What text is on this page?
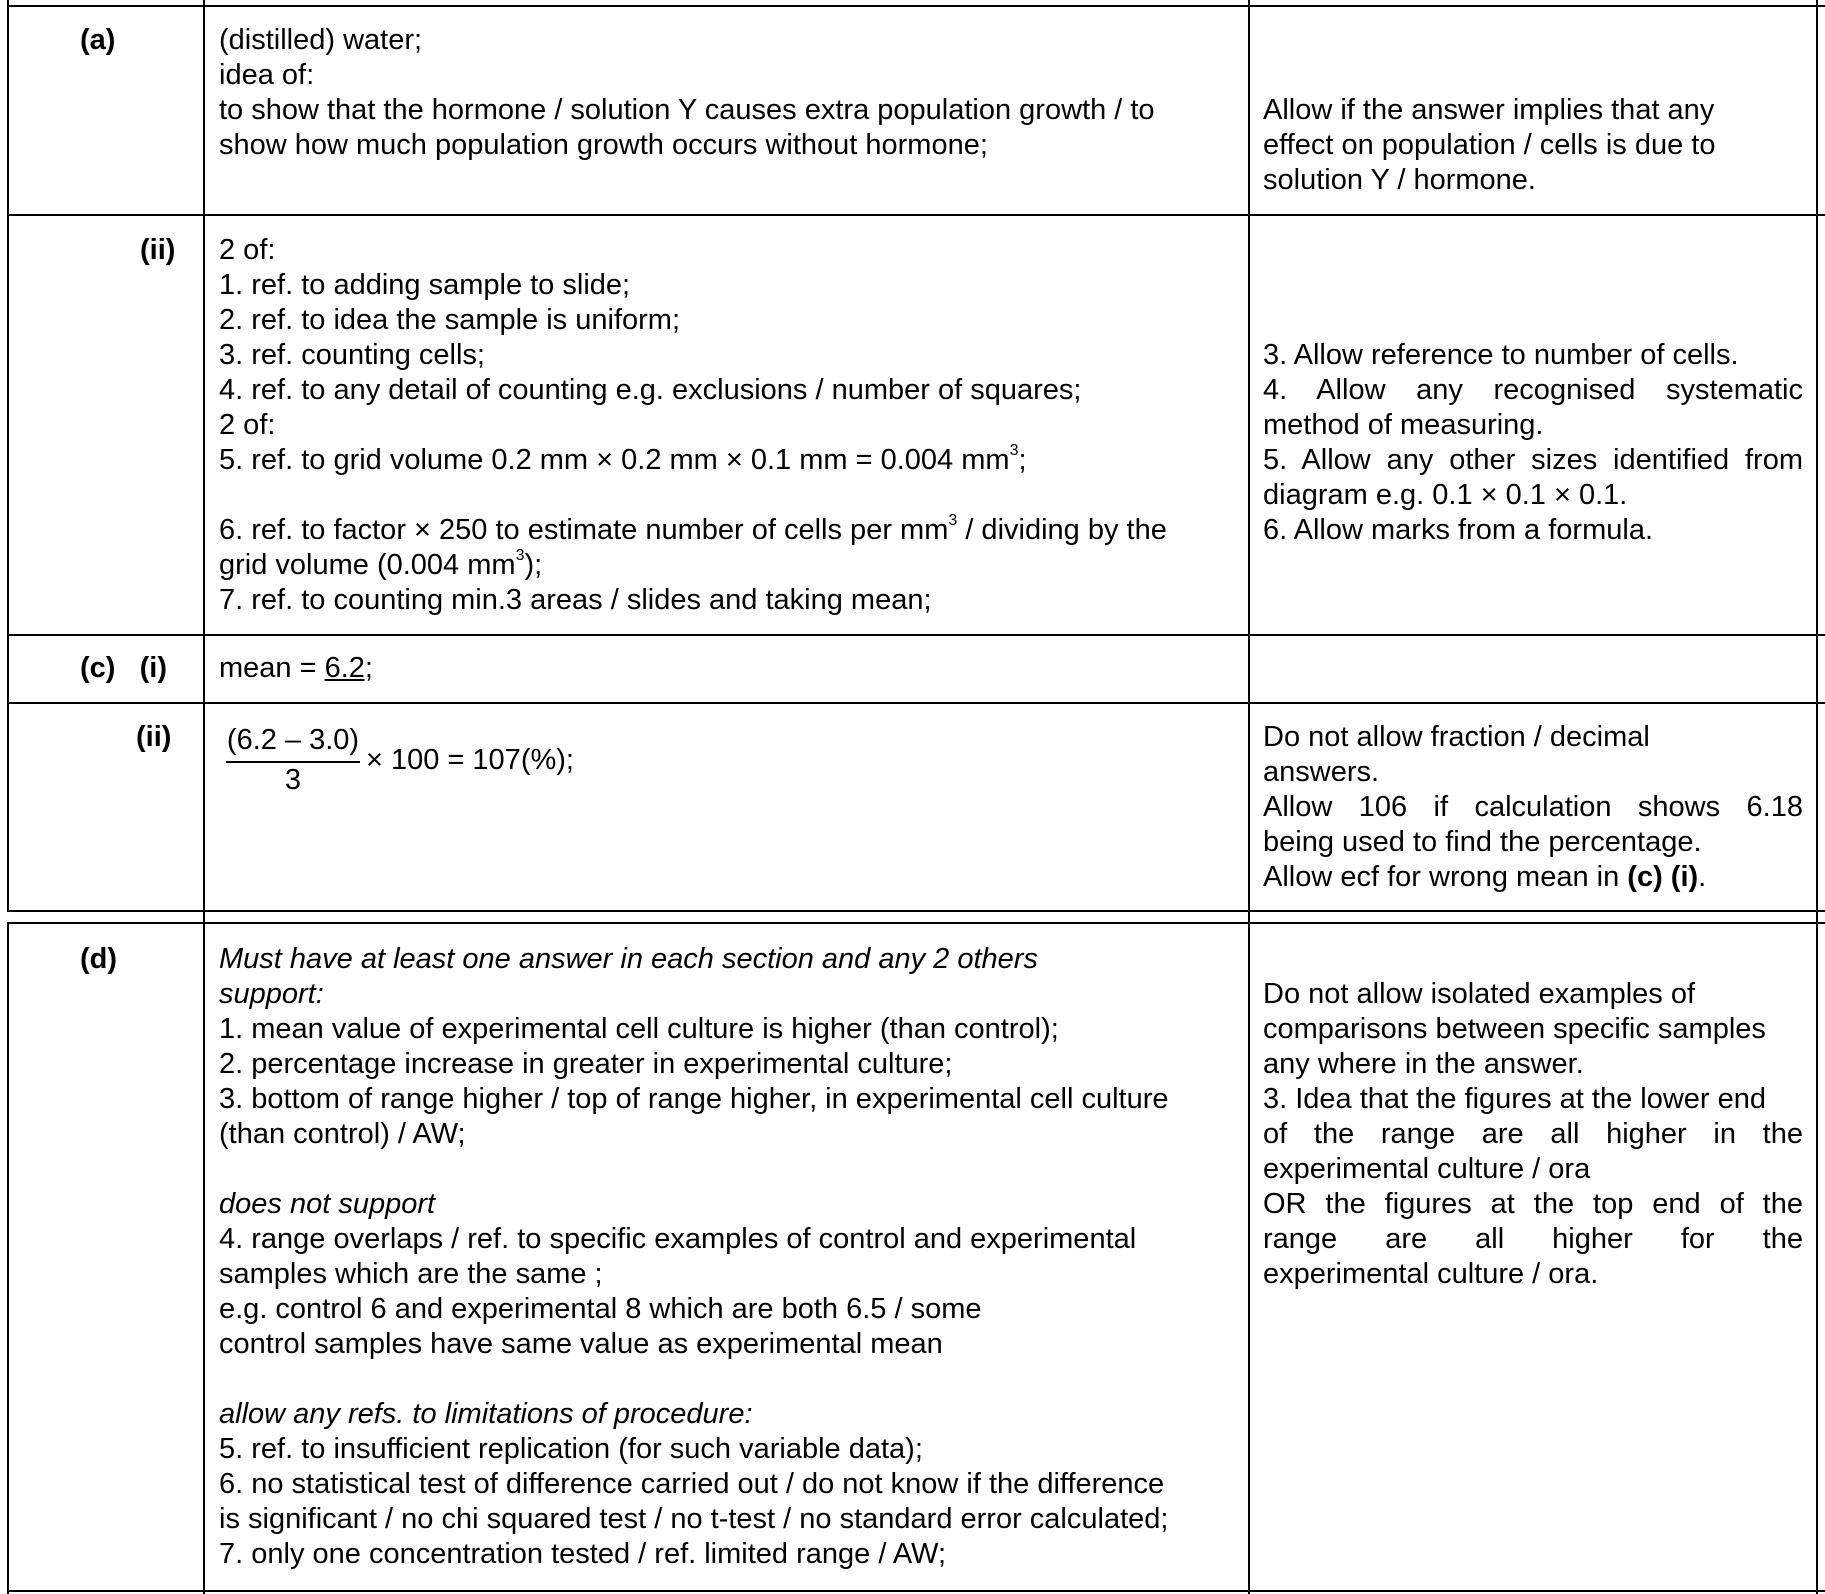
(a)	(distilled) water;
idea of:
to show that the hormone / solution Y causes extra population growth / to
show how much population growth occurs without hormone;
Allow if the answer implies that any
effect on population / cells is due to
solution Y / hormone.
(ii) 2 of:
1. ref. to adding sample to slide;
2. ref. to idea the sample is uniform;
3. ref. counting cells;
4. ref. to any detail of counting e.g. exclusions / number of squares;
2 of:
5. ref. to grid volume 0.2 mm × 0.2 mm × 0.1 mm = 0.004 $mm^3$;
6. ref. to factor × 250 to estimate number of cells per $mm^3$ / dividing by the
grid volume (0.004 $mm^3$);
7. ref. to counting min.3 areas / slides and taking mean;
3. Allow reference to number of cells.
4. Allow any recognised systematic
method of measuring.
5. Allow any other sizes identified from
diagram e.g. 0.1 × 0.1 × 0.1.
6. Allow marks from a formula.
(c)   (i) mean = 6.2;
(ii) (6.2 – 3.0)
3
× 100 = 107(%);
Do not allow fraction / decimal
answers.
Allow 106 if calculation shows 6.18
being used to find the percentage.
Allow ecf for wrong mean in (c) (i).
(d)	Must have at least one answer in each section and any 2 others
support:
1. mean value of experimental cell culture is higher (than control);
2. percentage increase in greater in experimental culture;
3. bottom of range higher / top of range higher, in experimental cell culture
(than control) / AW;
does not support
4. range overlaps / ref. to specific examples of control and experimental
samples which are the same ;
e.g. control 6 and experimental 8 which are both 6.5 / some
control samples have same value as experimental mean
allow any refs. to limitations of procedure:
5. ref. to insufficient replication (for such variable data);
6. no statistical test of difference carried out / do not know if the difference
is significant / no chi squared test / no t-test / no standard error calculated;
7. only one concentration tested / ref. limited range / AW;
Do not allow isolated examples of
comparisons between specific samples
any where in the answer.
3. Idea that the figures at the lower end
of the range are all higher in the
experimental culture / ora
OR the figures at the top end of the
range are all higher for the
experimental culture / ora.
